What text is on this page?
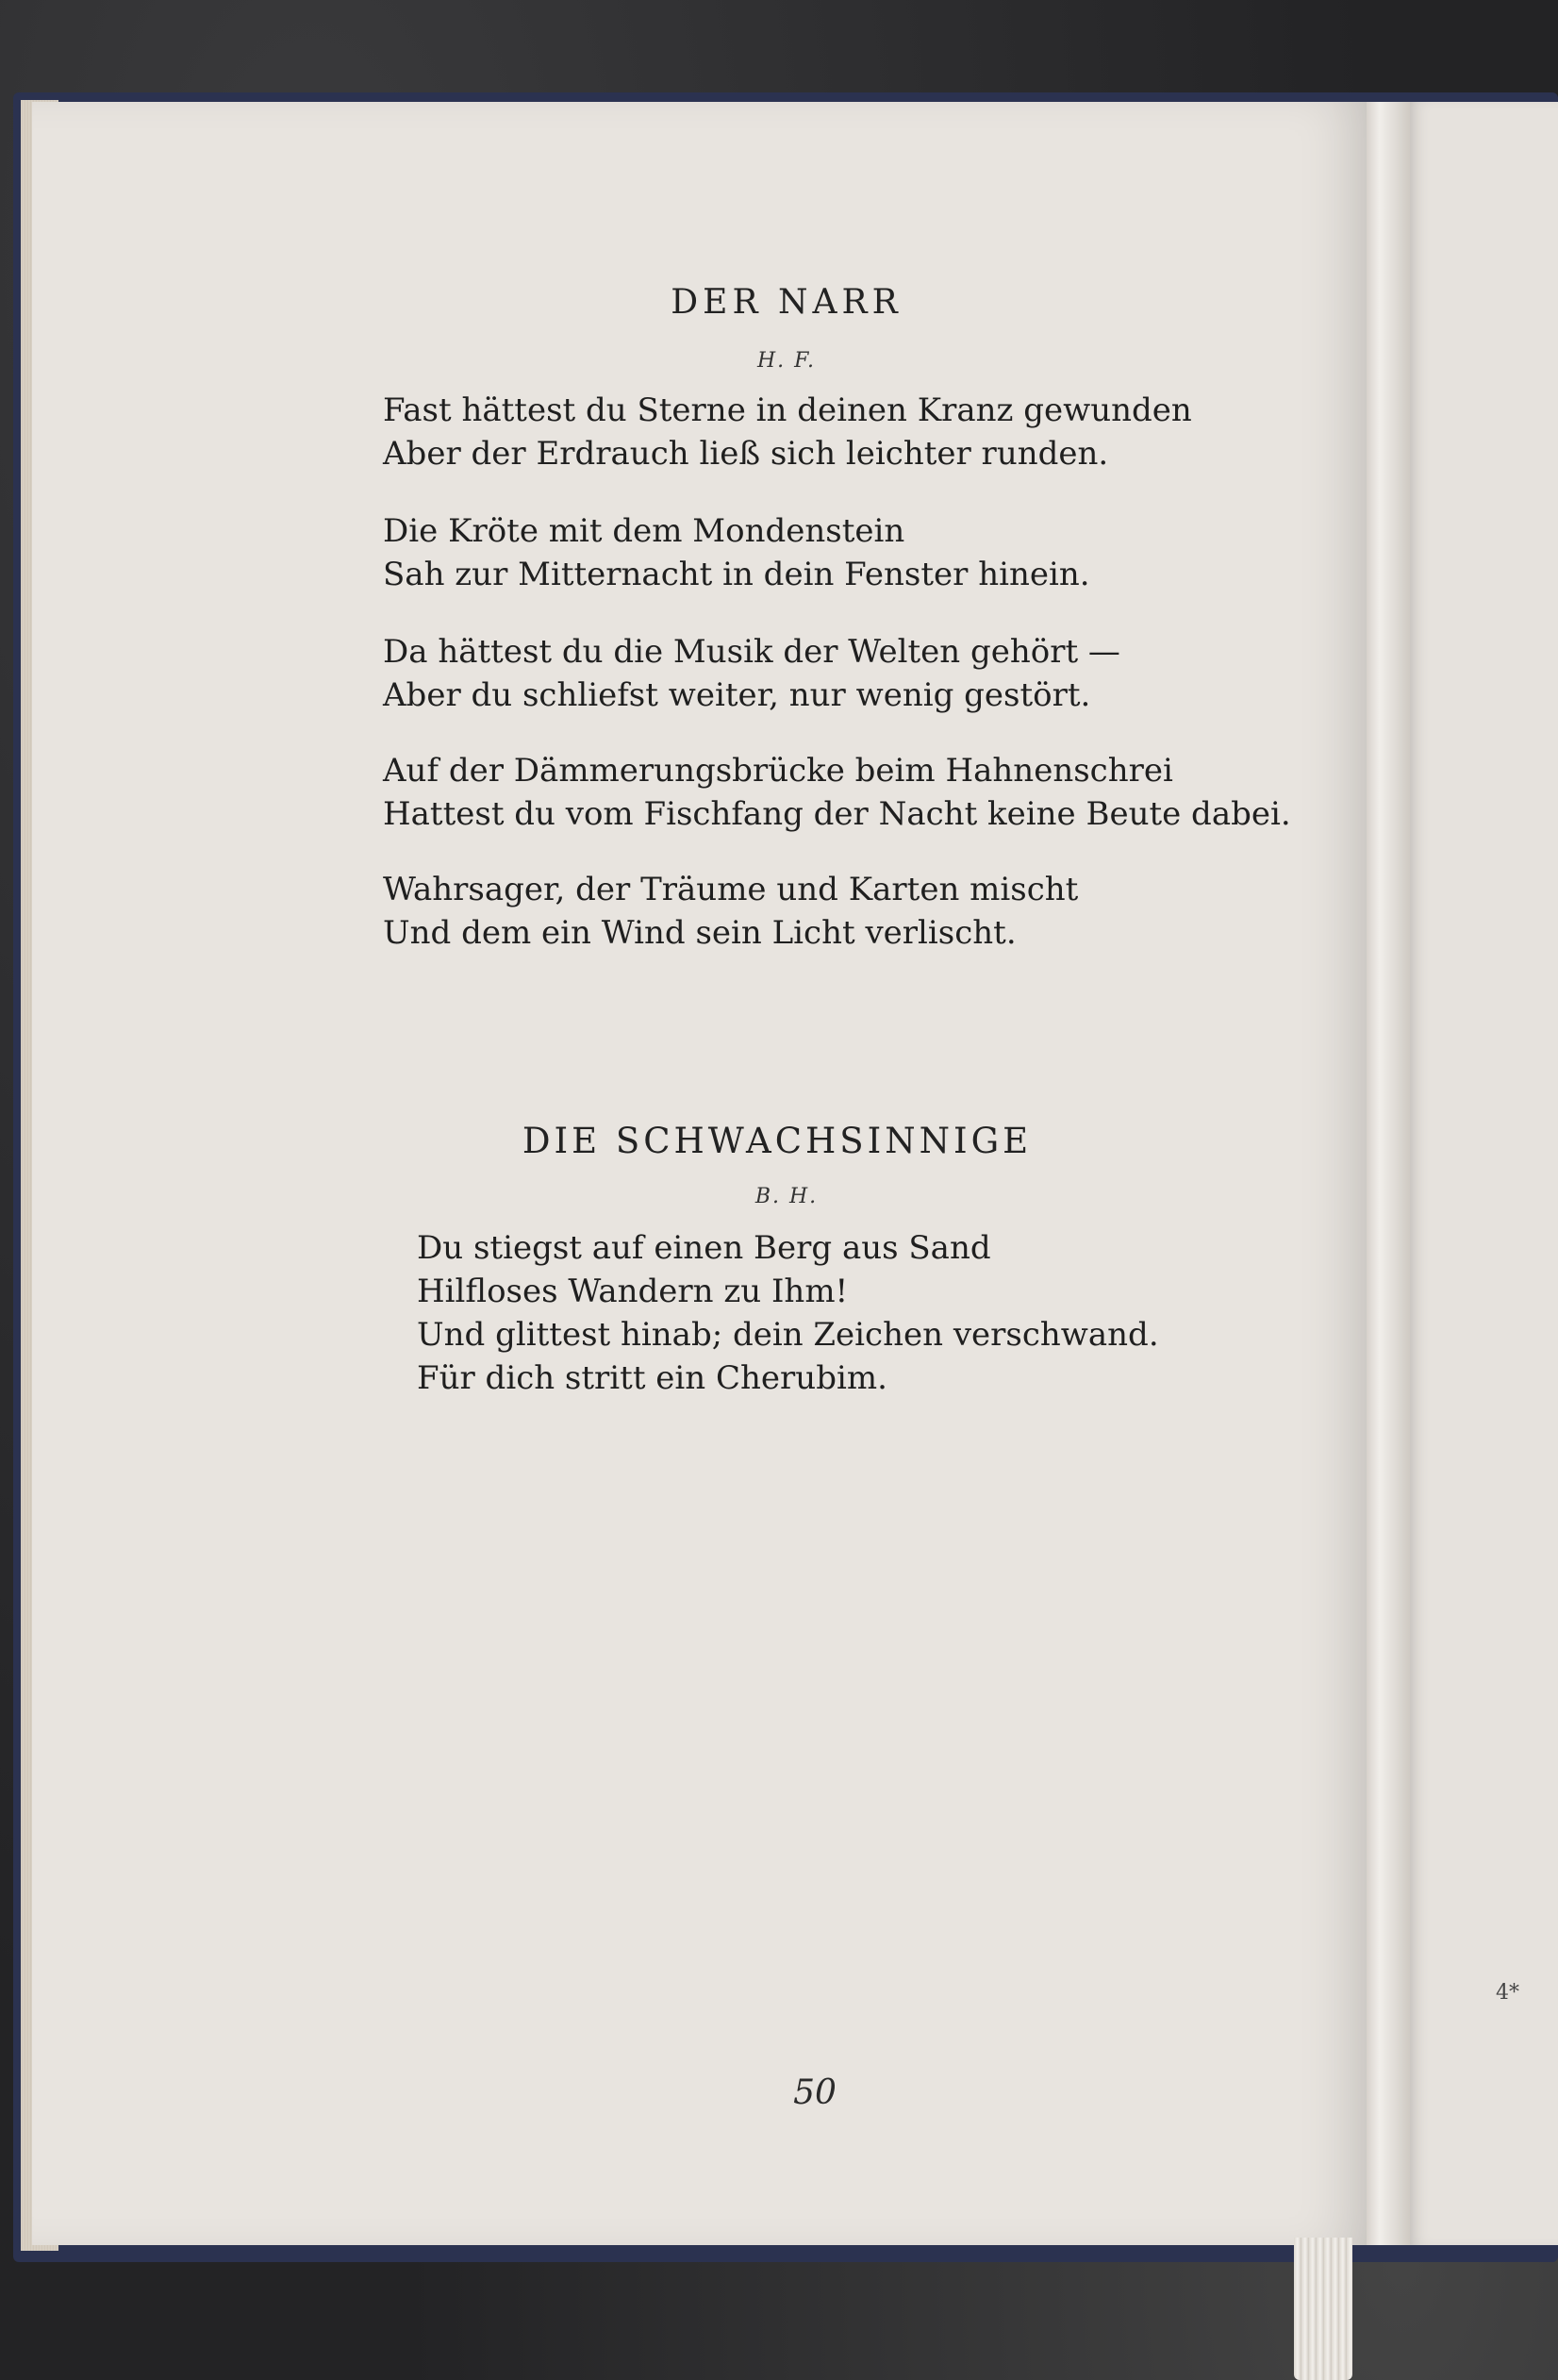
DER NARR
H. F.

Fast hättest du Sterne in deinen Kranz gewunden
Aber der Erdrauch ließ sich leichter runden.

Die Kröte mit dem Mondenstein
Sah zur Mitternacht in dein Fenster hinein.

Da hättest du die Musik der Welten gehört —
Aber du schliefst weiter, nur wenig gestört.

Auf der Dämmerungsbrücke beim Hahnenschrei
Hattest du vom Fischfang der Nacht keine Beute dabei.

Wahrsager, der Träume und Karten mischt
Und dem ein Wind sein Licht verlischt.

DIE SCHWACHSINNIGE
B. H.

Du stiegst auf einen Berg aus Sand
Hilfloses Wandern zu Ihm!
Und glittest hinab; dein Zeichen verschwand.
Für dich stritt ein Cherubim.

50
4*
